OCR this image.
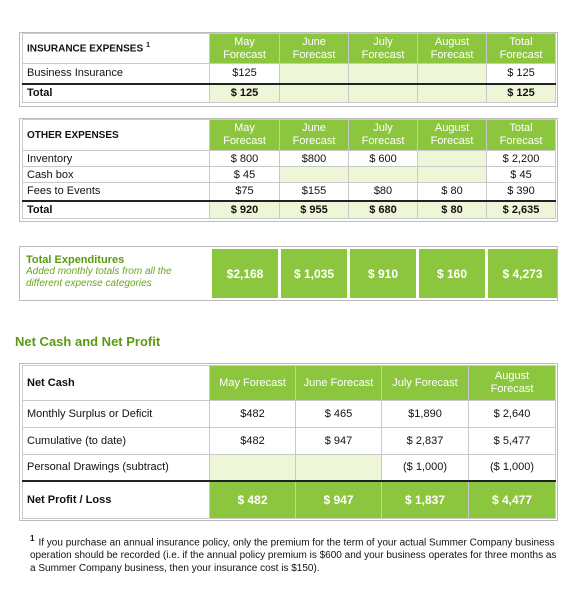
INSURANCE EXPENSES $^1$	May Forecast	June Forecast	July Forecast	August Forecast	Total Forecast
Business Insurance	$125				$ 125
Total	$ 125				$ 125
OTHER EXPENSES	May Forecast	June Forecast	July Forecast	August Forecast	Total Forecast
Inventory	$ 800	$800	$ 600		$ 2,200
Cash box	$ 45				$ 45
Fees to Events	$75	$155	$80	$ 80	$ 390
Total	$ 920	$ 955	$ 680	$ 80	$ 2,635
Total Expenditures
Added monthly totals from all the different expense categories
$2,168	$ 1,035	$ 910	$ 160	$ 4,273
Net Cash and Net Profit
Net Cash	May Forecast	June Forecast	July Forecast	August Forecast
Monthly Surplus or Deficit	$482	$ 465	$1,890	$ 2,640
Cumulative (to date)	$482	$ 947	$ 2,837	$ 5,477
Personal Drawings (subtract)			($ 1,000)	($ 1,000)
Net Profit / Loss	$ 482	$ 947	$ 1,837	$ 4,477
$^1$ If you purchase an annual insurance policy, only the premium for the term of your actual Summer Company business operation should be recorded (i.e. if the annual policy premium is $600 and your business operates for three months as a Summer Company business, then your insurance cost is $150).
